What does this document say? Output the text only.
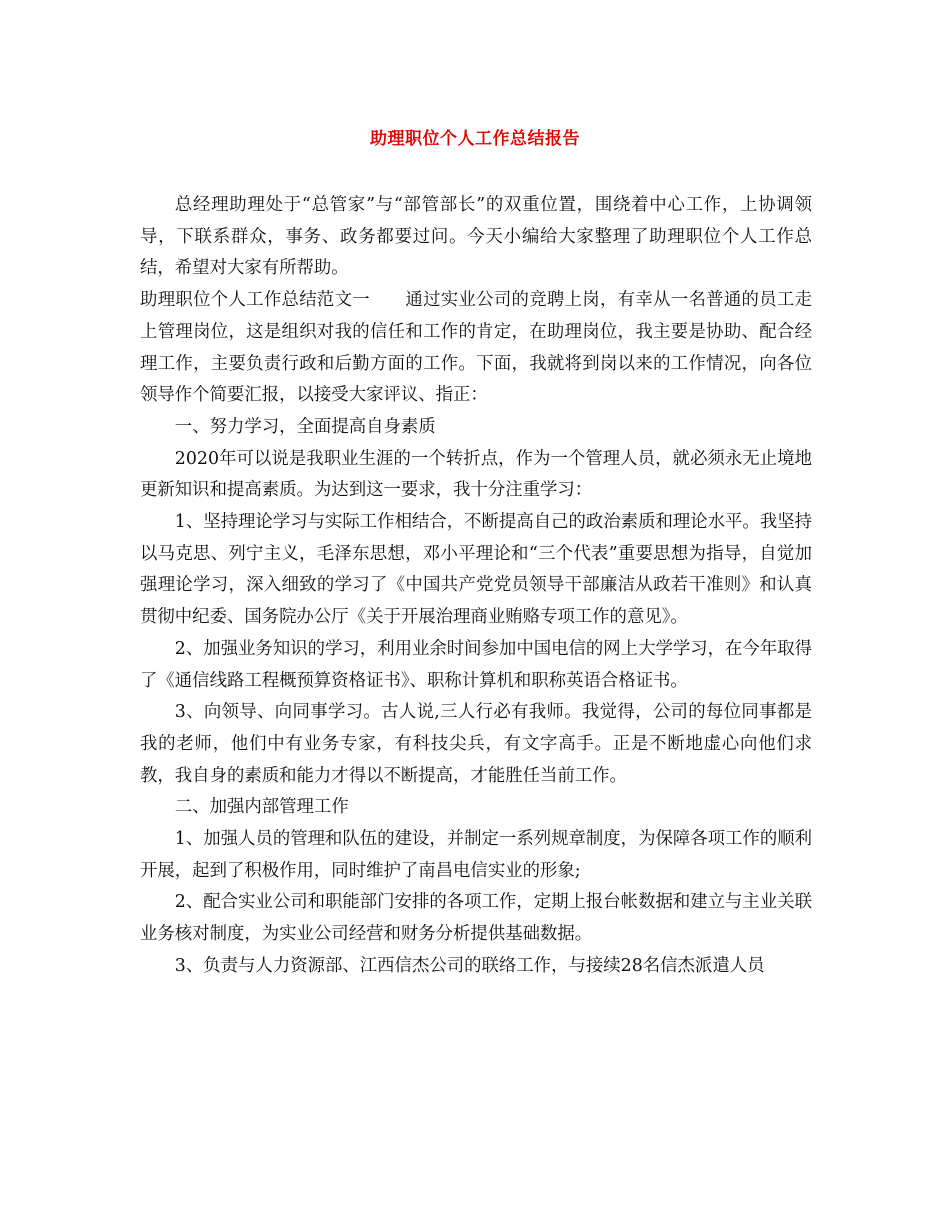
助理职位个人工作总结报告

总经理助理处于“总管家”与“部管部长”的双重位置，围绕着中心工作，上协调领导，下联系群众，事务、政务都要过问。今天小编给大家整理了助理职位个人工作总结，希望对大家有所帮助。

助理职位个人工作总结范文一　　通过实业公司的竞聘上岗，有幸从一名普通的员工走上管理岗位，这是组织对我的信任和工作的肯定，在助理岗位，我主要是协助、配合经理工作，主要负责行政和后勤方面的工作。下面，我就将到岗以来的工作情况，向各位领导作个简要汇报，以接受大家评议、指正：

一、努力学习，全面提高自身素质

2020年可以说是我职业生涯的一个转折点，作为一个管理人员，就必须永无止境地更新知识和提高素质。为达到这一要求，我十分注重学习：

1、坚持理论学习与实际工作相结合，不断提高自己的政治素质和理论水平。我坚持以马克思、列宁主义，毛泽东思想，邓小平理论和“三个代表”重要思想为指导，自觉加强理论学习，深入细致的学习了《中国共产党党员领导干部廉洁从政若干准则》和认真贯彻中纪委、国务院办公厅《关于开展治理商业贿赂专项工作的意见》。

2、加强业务知识的学习，利用业余时间参加中国电信的网上大学学习，在今年取得了《通信线路工程概预算资格证书》、职称计算机和职称英语合格证书。

3、向领导、向同事学习。古人说,三人行必有我师。我觉得，公司的每位同事都是我的老师，他们中有业务专家，有科技尖兵，有文字高手。正是不断地虚心向他们求教，我自身的素质和能力才得以不断提高，才能胜任当前工作。

二、加强内部管理工作

1、加强人员的管理和队伍的建设，并制定一系列规章制度，为保障各项工作的顺利开展，起到了积极作用，同时维护了南昌电信实业的形象;

2、配合实业公司和职能部门安排的各项工作，定期上报台帐数据和建立与主业关联业务核对制度，为实业公司经营和财务分析提供基础数据。

3、负责与人力资源部、江西信杰公司的联络工作，与接续28名信杰派遣人员
